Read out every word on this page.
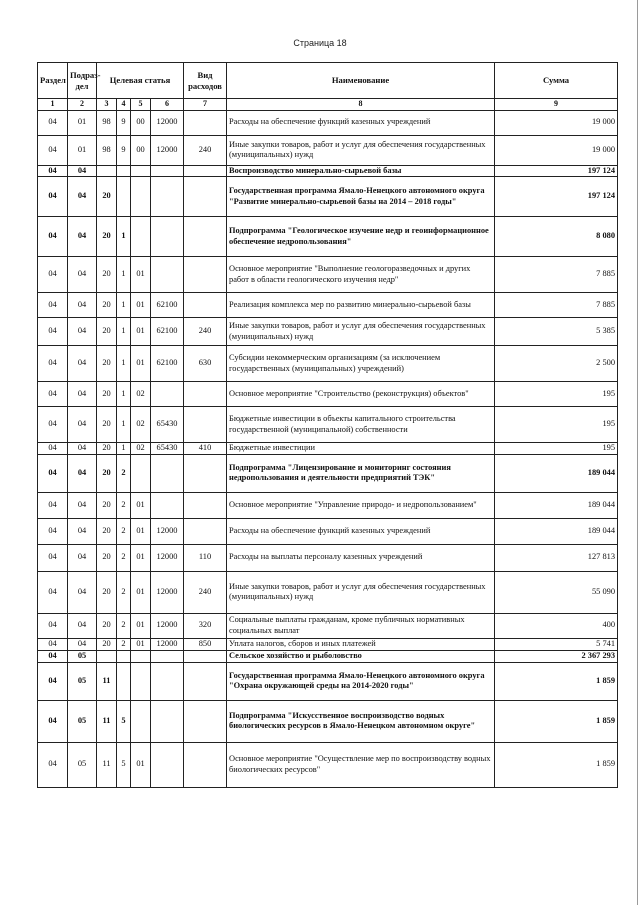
Страница 18
Раздел	Подраз-дел	Целевая статья				Вид расходов	Наименование	Сумма
1	2	3	4	5	6	7	8	9
04	01	98	9	00	12000		Расходы на обеспечение функций казенных учреждений	19 000
04	01	98	9	00	12000	240	Иные закупки товаров, работ и услуг для обеспечения государственных (муниципальных) нужд	19 000
04	04						Воспроизводство минерально-сырьевой базы	197 124
04	04	20					Государственная программа Ямало-Ненецкого автономного округа "Развитие минерально-сырьевой базы на 2014 – 2018 годы"	197 124
04	04	20	1				Подпрограмма "Геологическое изучение недр и геоинформационное обеспечение недропользования"	8 080
04	04	20	1	01			Основное мероприятие "Выполнение геологоразведочных и других работ в области геологического изучения недр"	7 885
04	04	20	1	01	62100		Реализация комплекса мер по развитию минерально-сырьевой базы	7 885
04	04	20	1	01	62100	240	Иные закупки товаров, работ и услуг для обеспечения государственных (муниципальных) нужд	5 385
04	04	20	1	01	62100	630	Субсидии некоммерческим организациям (за исключением государственных (муниципальных) учреждений)	2 500
04	04	20	1	02			Основное мероприятие "Строительство (реконструкция) объектов"	195
04	04	20	1	02	65430		Бюджетные инвестиции в объекты капитального строительства государственной (муниципальной) собственности	195
04	04	20	1	02	65430	410	Бюджетные инвестиции	195
04	04	20	2				Подпрограмма "Лицензирование и мониторинг состояния недропользования и деятельности предприятий ТЭК"	189 044
04	04	20	2	01			Основное мероприятие "Управление природо- и недропользованием"	189 044
04	04	20	2	01	12000		Расходы на обеспечение функций казенных учреждений	189 044
04	04	20	2	01	12000	110	Расходы на выплаты персоналу казенных учреждений	127 813
04	04	20	2	01	12000	240	Иные закупки товаров, работ и услуг для обеспечения государственных (муниципальных) нужд	55 090
04	04	20	2	01	12000	320	Социальные выплаты гражданам, кроме публичных нормативных социальных выплат	400
04	04	20	2	01	12000	850	Уплата налогов, сборов и иных платежей	5 741
04	05						Сельское хозяйство и рыболовство	2 367 293
04	05	11					Государственная программа Ямало-Ненецкого автономного округа "Охрана окружающей среды на 2014-2020 годы"	1 859
04	05	11	5				Подпрограмма "Искусственное воспроизводство водных биологических ресурсов в Ямало-Ненецком автономном округе"	1 859
04	05	11	5	01			Основное мероприятие "Осуществление мер по воспроизводству водных биологических ресурсов"	1 859
